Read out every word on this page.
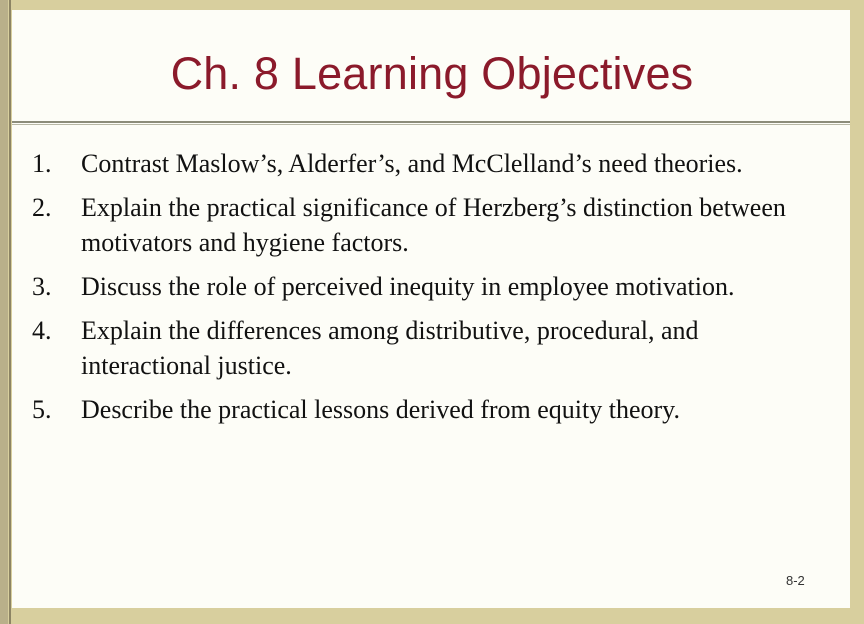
Ch. 8 Learning Objectives
1. Contrast Maslow’s, Alderfer’s, and McClelland’s need theories.
2. Explain the practical significance of Herzberg’s distinction between motivators and hygiene factors.
3. Discuss the role of perceived inequity in employee motivation.
4. Explain the differences among distributive, procedural, and interactional justice.
5. Describe the practical lessons derived from equity theory.
8-2
